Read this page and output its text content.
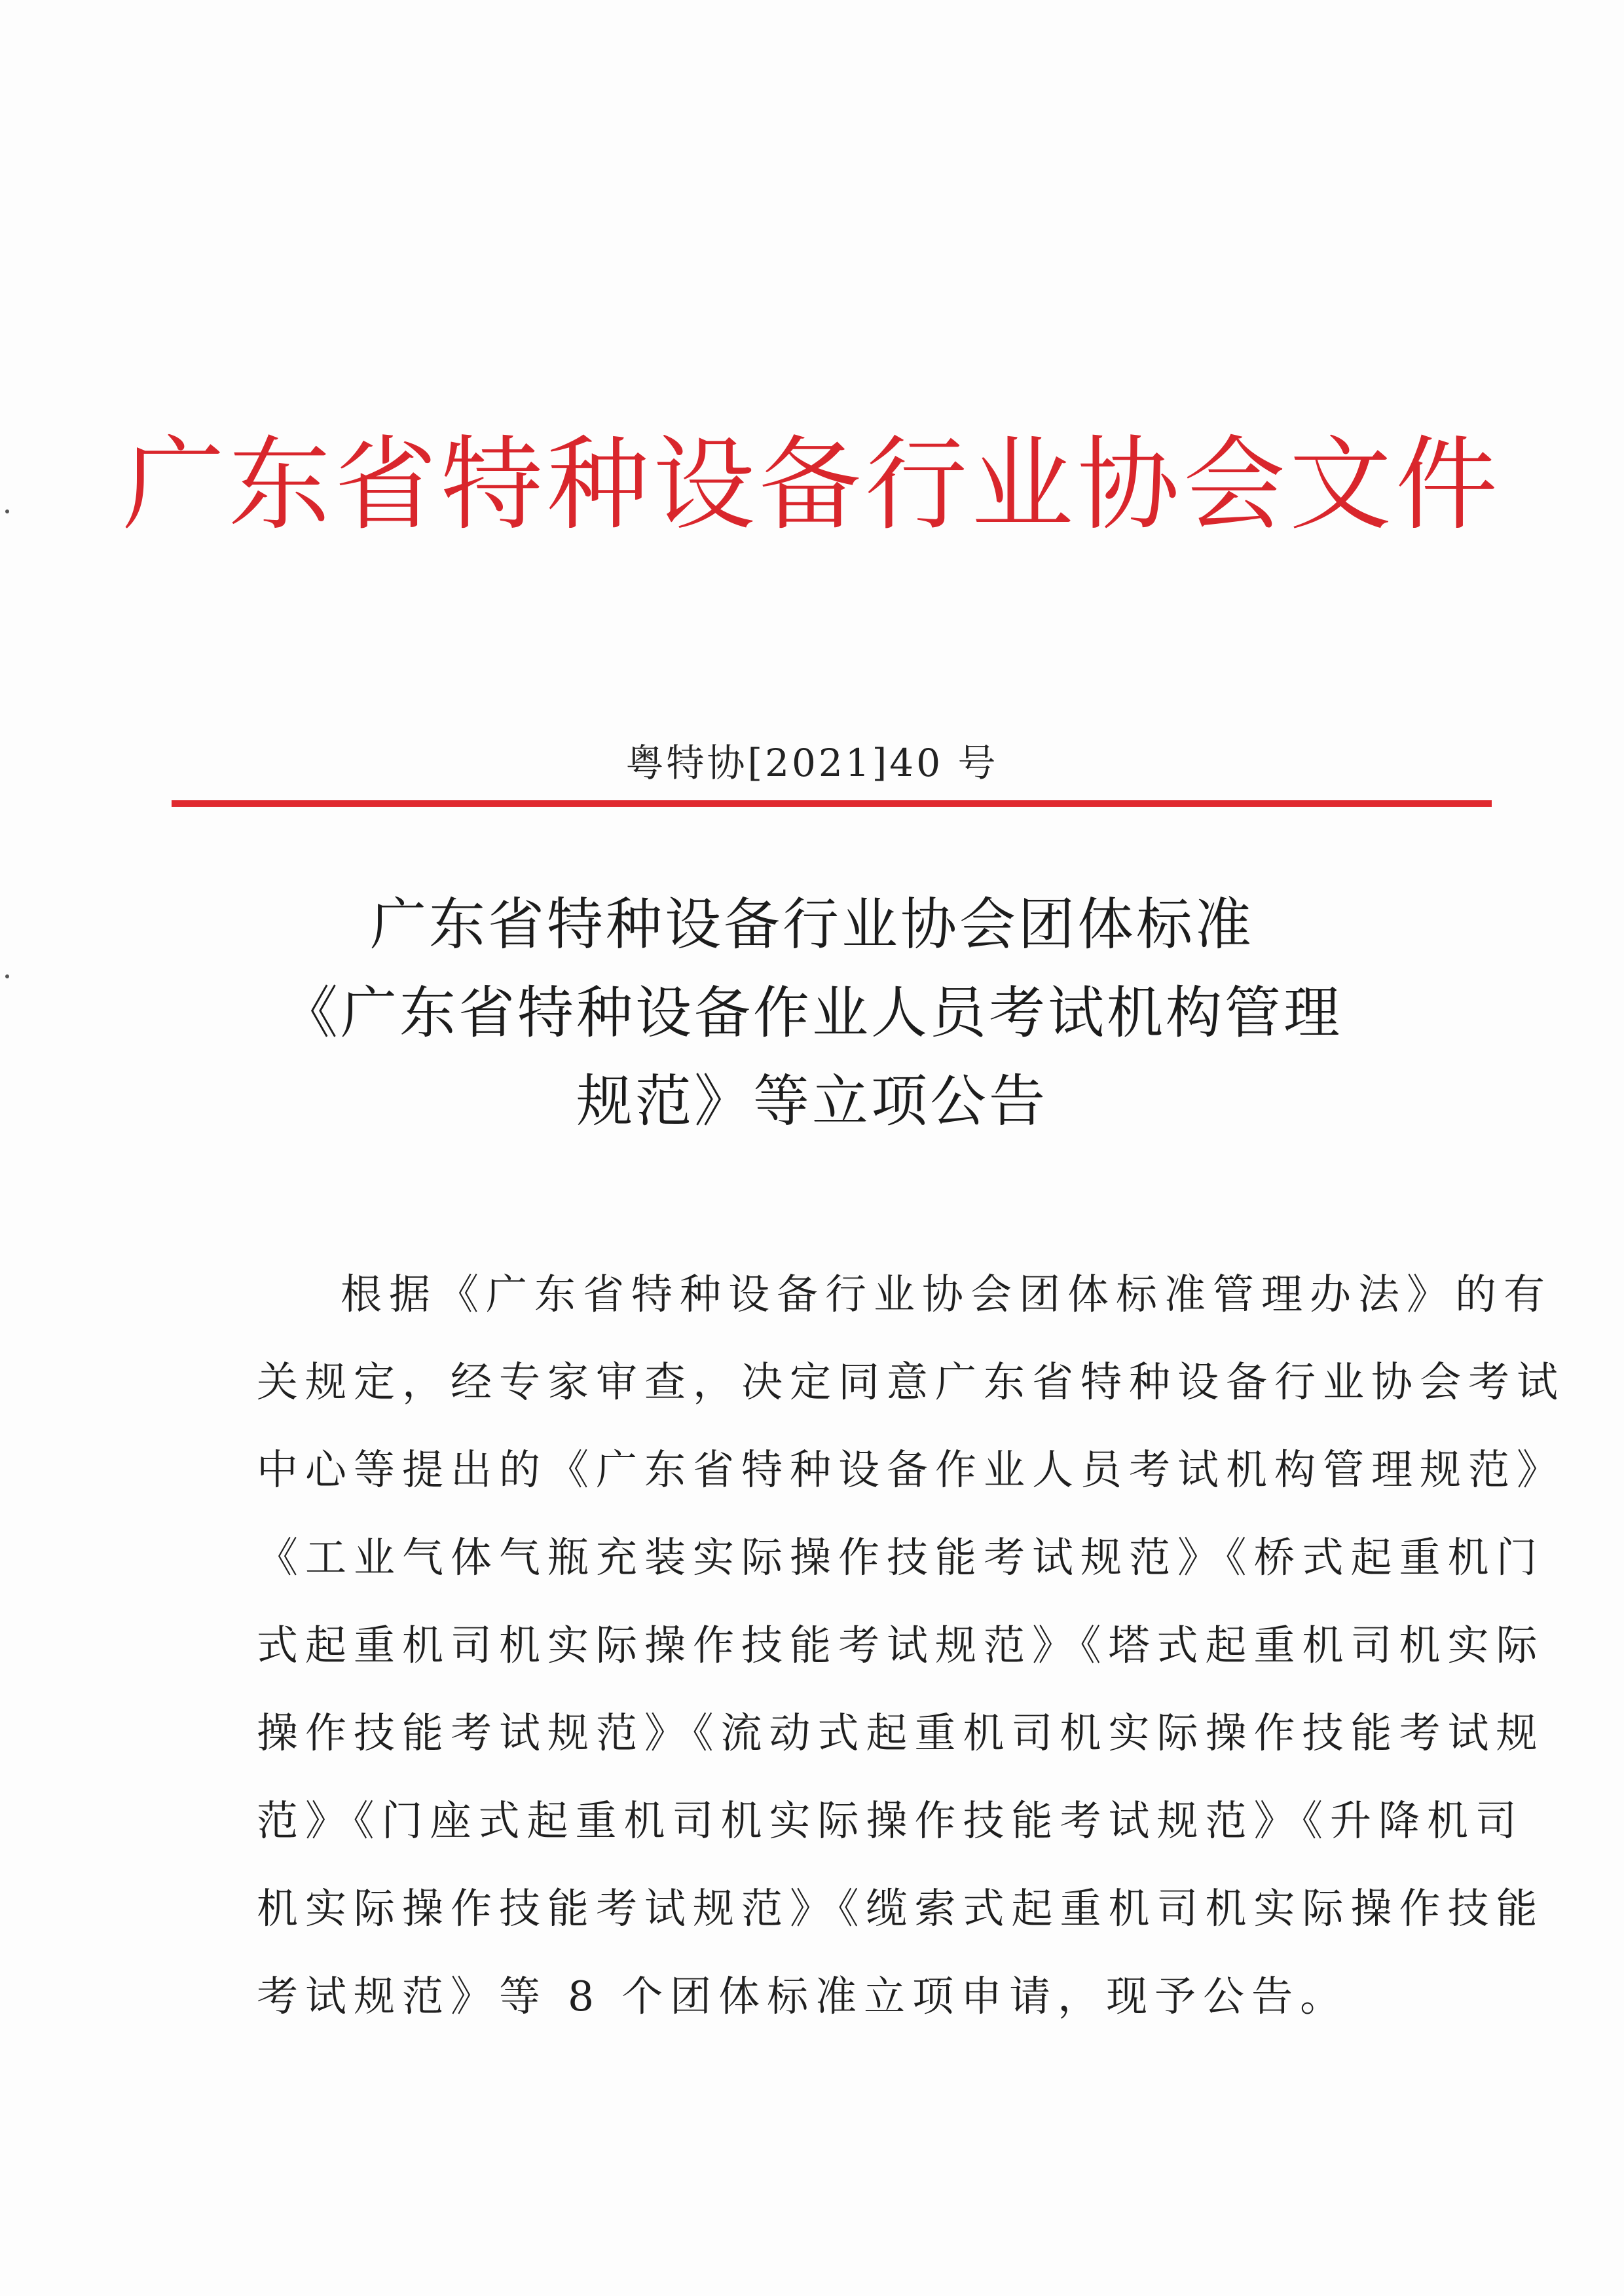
广东省特种设备行业协会文件
粤特协[2021]40 号
广东省特种设备行业协会团体标准
《广东省特种设备作业人员考试机构管理
规范》等立项公告
根据《广东省特种设备行业协会团体标准管理办法》的有
关规定，经专家审查，决定同意广东省特种设备行业协会考试
中心等提出的《广东省特种设备作业人员考试机构管理规范》
《工业气体气瓶充装实际操作技能考试规范》《桥式起重机门
式起重机司机实际操作技能考试规范》《塔式起重机司机实际
操作技能考试规范》《流动式起重机司机实际操作技能考试规
范》《门座式起重机司机实际操作技能考试规范》《升降机司
机实际操作技能考试规范》《缆索式起重机司机实际操作技能
考试规范》等 8 个团体标准立项申请，现予公告。
